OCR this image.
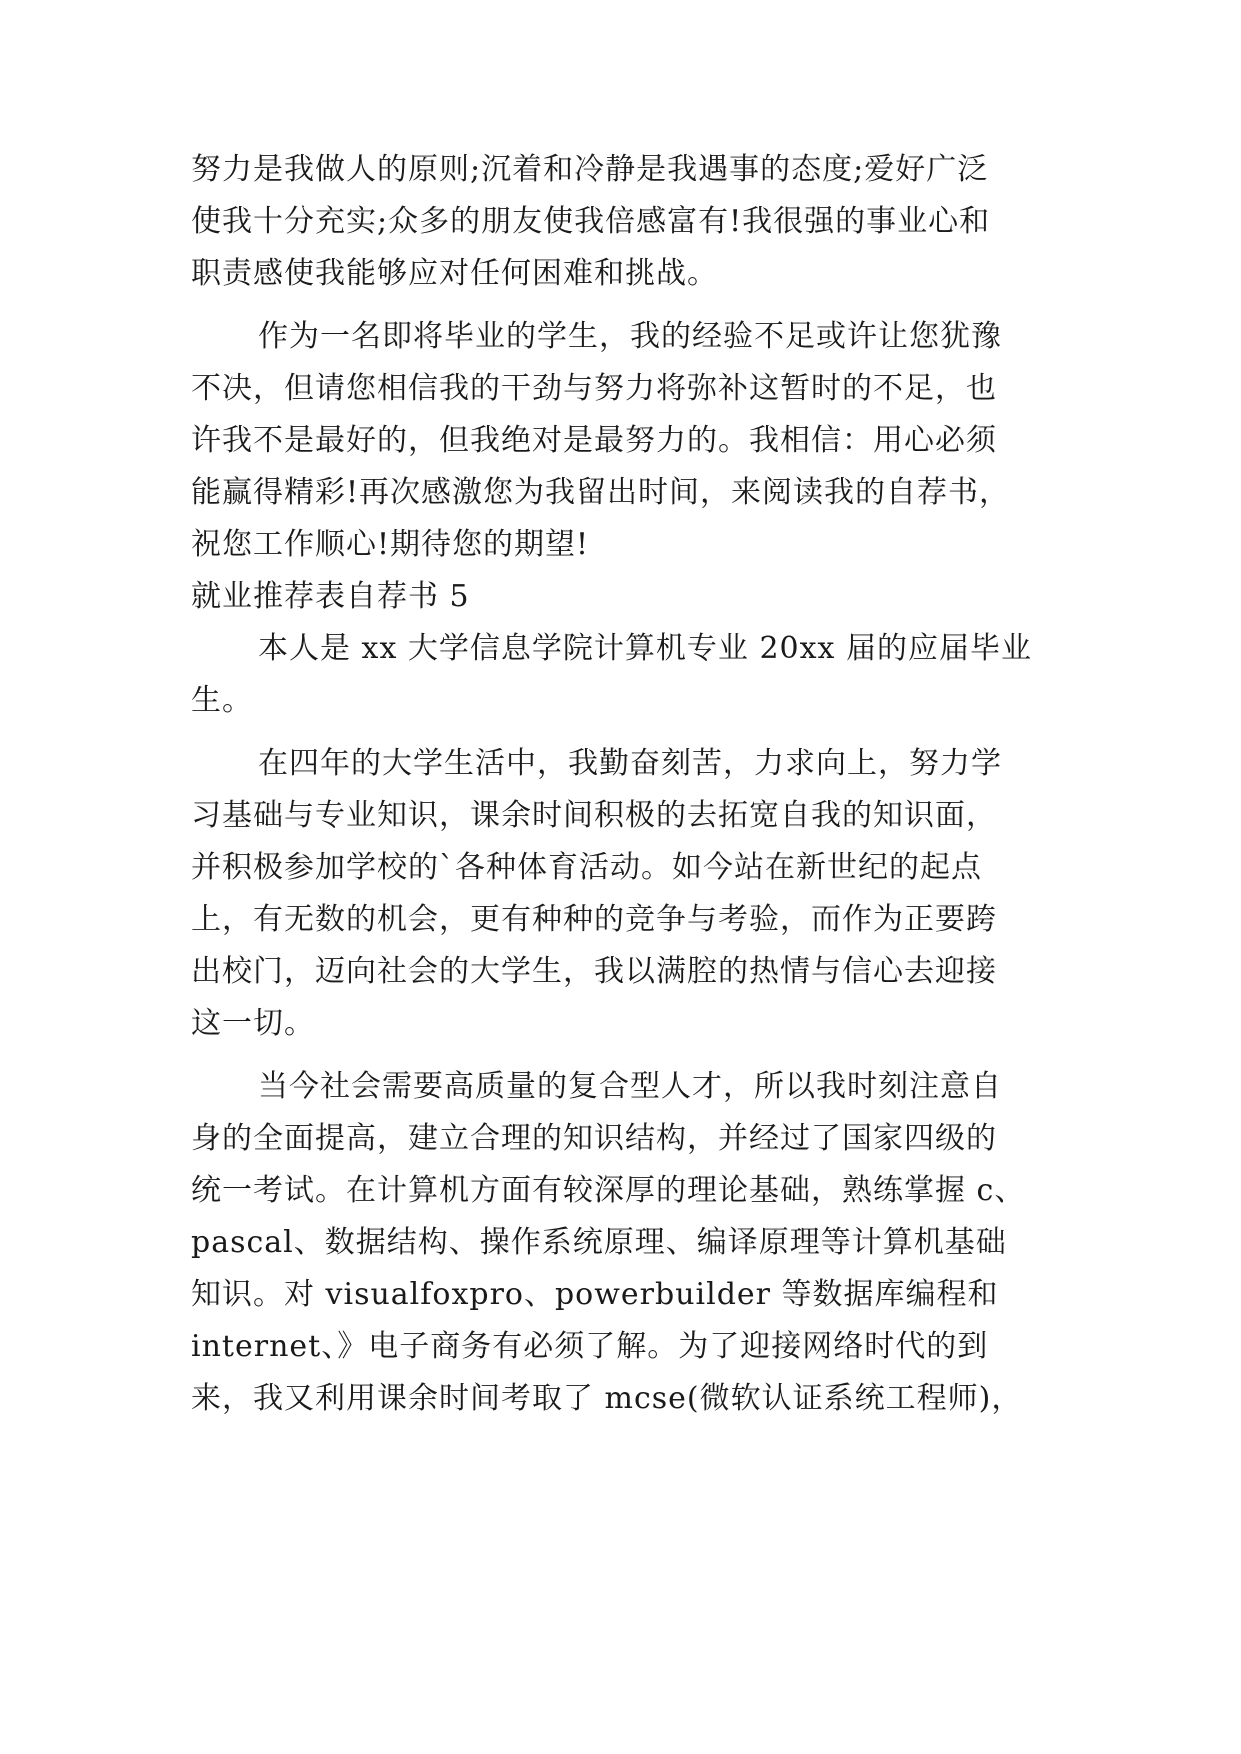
努力是我做人的原则;沉着和冷静是我遇事的态度;爱好广泛
使我十分充实;众多的朋友使我倍感富有!我很强的事业心和
职责感使我能够应对任何困难和挑战。
作为一名即将毕业的学生，我的经验不足或许让您犹豫
不决，但请您相信我的干劲与努力将弥补这暂时的不足，也
许我不是最好的，但我绝对是最努力的。我相信：用心必须
能赢得精彩!再次感激您为我留出时间，来阅读我的自荐书，
祝您工作顺心!期待您的期望!
就业推荐表自荐书 5
本人是 xx 大学信息学院计算机专业 20xx 届的应届毕业
生。
在四年的大学生活中，我勤奋刻苦，力求向上，努力学
习基础与专业知识，课余时间积极的去拓宽自我的知识面，
并积极参加学校的`各种体育活动。如今站在新世纪的起点
上，有无数的机会，更有种种的竞争与考验，而作为正要跨
出校门，迈向社会的大学生，我以满腔的热情与信心去迎接
这一切。
当今社会需要高质量的复合型人才，所以我时刻注意自
身的全面提高，建立合理的知识结构，并经过了国家四级的
统一考试。在计算机方面有较深厚的理论基础，熟练掌握 c、
pascal、数据结构、操作系统原理、编译原理等计算机基础
知识。对 visualfoxpro、powerbuilder 等数据库编程和
internet、》电子商务有必须了解。为了迎接网络时代的到
来，我又利用课余时间考取了 mcse(微软认证系统工程师)，
